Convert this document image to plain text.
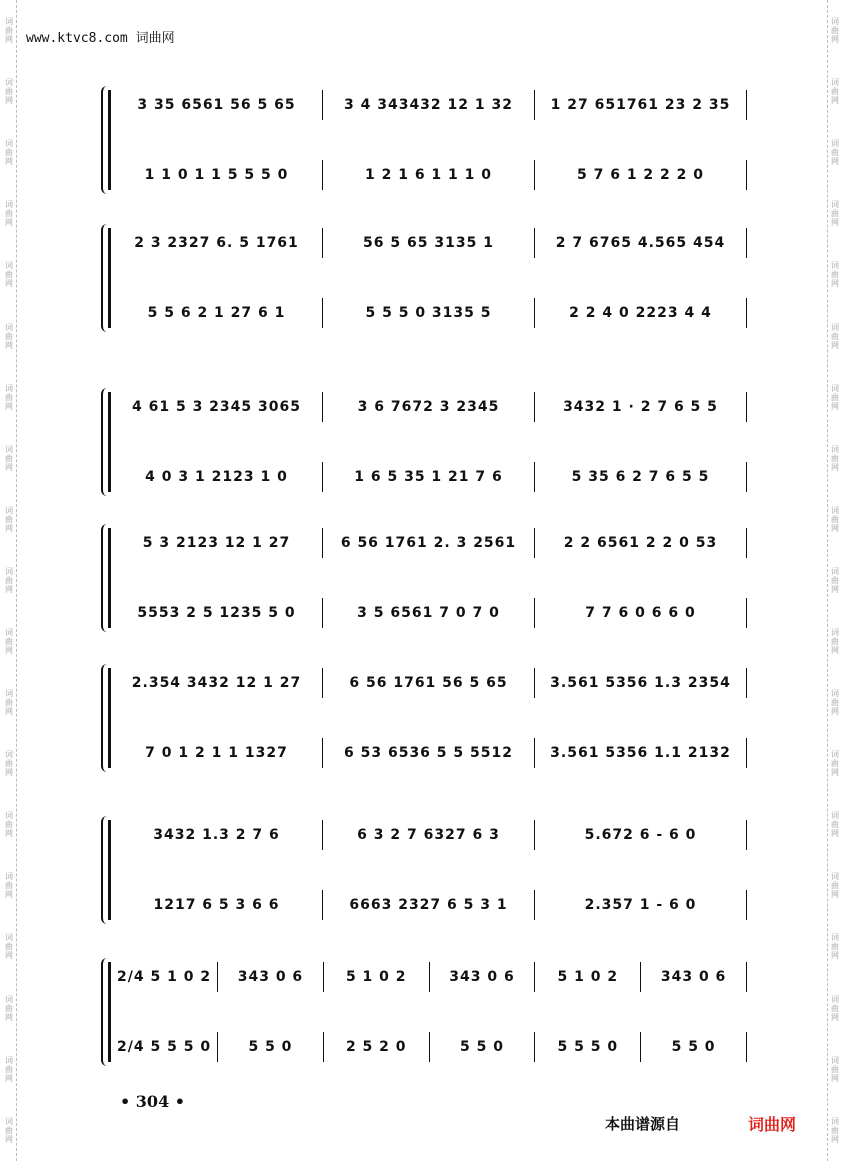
词
曲
网
词
曲
网
词
曲
网
词
曲
网
词
曲
网
词
曲
网
词
曲
网
词
曲
网
词
曲
网
词
曲
网
词
曲
网
词
曲
网
词
曲
网
词
曲
网
词
曲
网
词
曲
网
词
曲
网
词
曲
网
词
曲
网
词
曲
网
词
曲
网
词
曲
网
词
曲
网
词
曲
网
词
曲
网
词
曲
网
词
曲
网
词
曲
网
词
曲
网
词
曲
网
词
曲
网
词
曲
网
词
曲
网
词
曲
网
词
曲
网
词
曲
网
词
曲
网
词
曲
网
www.ktvc8.com 词曲网
3 35 6561 56 5 65	3 4 343432 12 1 32	1 27 651761 23 2 35
1 1 0 1 1 5 5 5 0	1 2 1 6 1 1 1 0	5 7 6 1 2 2 2 0
2 3 2327 6. 5 1761	56 5 65 3135 1	2 7 6765 4.565 454
5 5 6 2 1 27 6 1	5 5 5 0 3135 5	2 2 4 0 2223 4 4
4 61 5 3 2345 3065	3 6 7672 3 2345	3432 1 · 2 7 6 5 5
4 0 3 1 2123 1 0	1 6 5 35 1 21 7 6	5 35 6 2 7 6 5 5
5 3 2123 12 1 27	6 56 1761 2. 3 2561	2 2 6561 2 2 0 53
5553 2 5 1235 5 0	3 5 6561 7 0 7 0	7 7 6 0 6 6 0
2.354 3432 12 1 27	6 56 1761 56 5 65	3.561 5356 1.3 2354
7 0 1 2 1 1 1327	6 53 6536 5 5 5512	3.561 5356 1.1 2132
3432 1.3 2 7 6	6 3 2 7 6327 6 3	5.672 6 - 6 0
1217 6 5 3 6 6	6663 2327 6 5 3 1	2.357 1 - 6 0
2/4 5 1 0 2	343 0 6	5 1 0 2	343 0 6	5 1 0 2	343 0 6
2/4 5 5 5 0	5 5 0	2 5 2 0	5 5 0	5 5 5 0	5 5 0
• 304 •
本曲谱源自	词曲网
